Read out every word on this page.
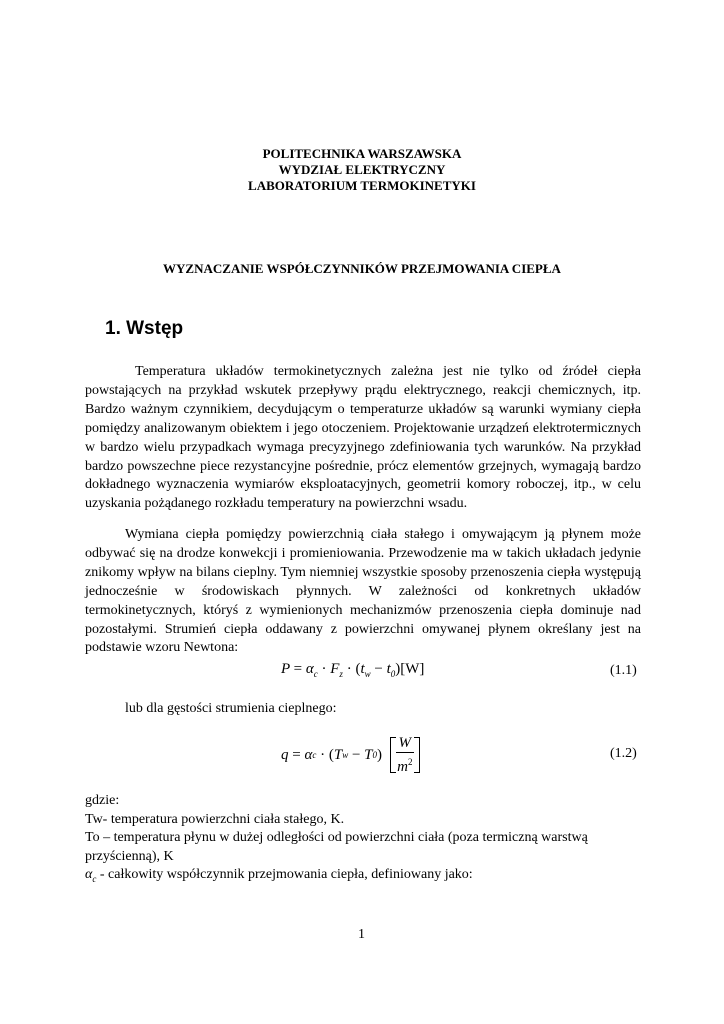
POLITECHNIKA WARSZAWSKA
WYDZIAŁ ELEKTRYCZNY
LABORATORIUM TERMOKINETYKI
WYZNACZANIE WSPÓŁCZYNNIKÓW PRZEJMOWANIA CIEPŁA
1. Wstęp
Temperatura układów termokinetycznych zależna jest nie tylko od źródeł ciepła powstających na przykład wskutek przepływy prądu elektrycznego, reakcji chemicznych, itp. Bardzo ważnym czynnikiem, decydującym o temperaturze układów są warunki wymiany ciepła pomiędzy analizowanym obiektem i jego otoczeniem. Projektowanie urządzeń elektrotermicznych w bardzo wielu przypadkach wymaga precyzyjnego zdefiniowania tych warunków. Na przykład bardzo powszechne piece rezystancyjne pośrednie, prócz elementów grzejnych, wymagają bardzo dokładnego wyznaczenia wymiarów eksploatacyjnych, geometrii komory roboczej, itp., w celu uzyskania pożądanego rozkładu temperatury na powierzchni wsadu.
Wymiana ciepła pomiędzy powierzchnią ciała stałego i omywającym ją płynem może odbywać się na drodze konwekcji i promieniowania. Przewodzenie ma w takich układach jedynie znikomy wpływ na bilans cieplny. Tym niemniej wszystkie sposoby przenoszenia ciepła występują jednocześnie w środowiskach płynnych. W zależności od konkretnych układów termokinetycznych, któryś z wymienionych mechanizmów przenoszenia ciepła dominuje nad pozostałymi. Strumień ciepła oddawany z powierzchni omywanej płynem określany jest na podstawie wzoru Newtona:
$P = \alpha_c \cdot F_z \cdot (t_w - t_0)[W]$	(1.1)
lub dla gęstości strumienia cieplnego:
q
=
α c
·
( T w
−
T 0 )
$\frac{W}{m^2}$	(1.2)
gdzie:
Tw- temperatura powierzchni ciała stałego, K.
To – temperatura płynu w dużej odległości od powierzchni ciała (poza termiczną warstwą
przyścienną), K
$\alpha_c$ - całkowity współczynnik przejmowania ciepła, definiowany jako:
1
